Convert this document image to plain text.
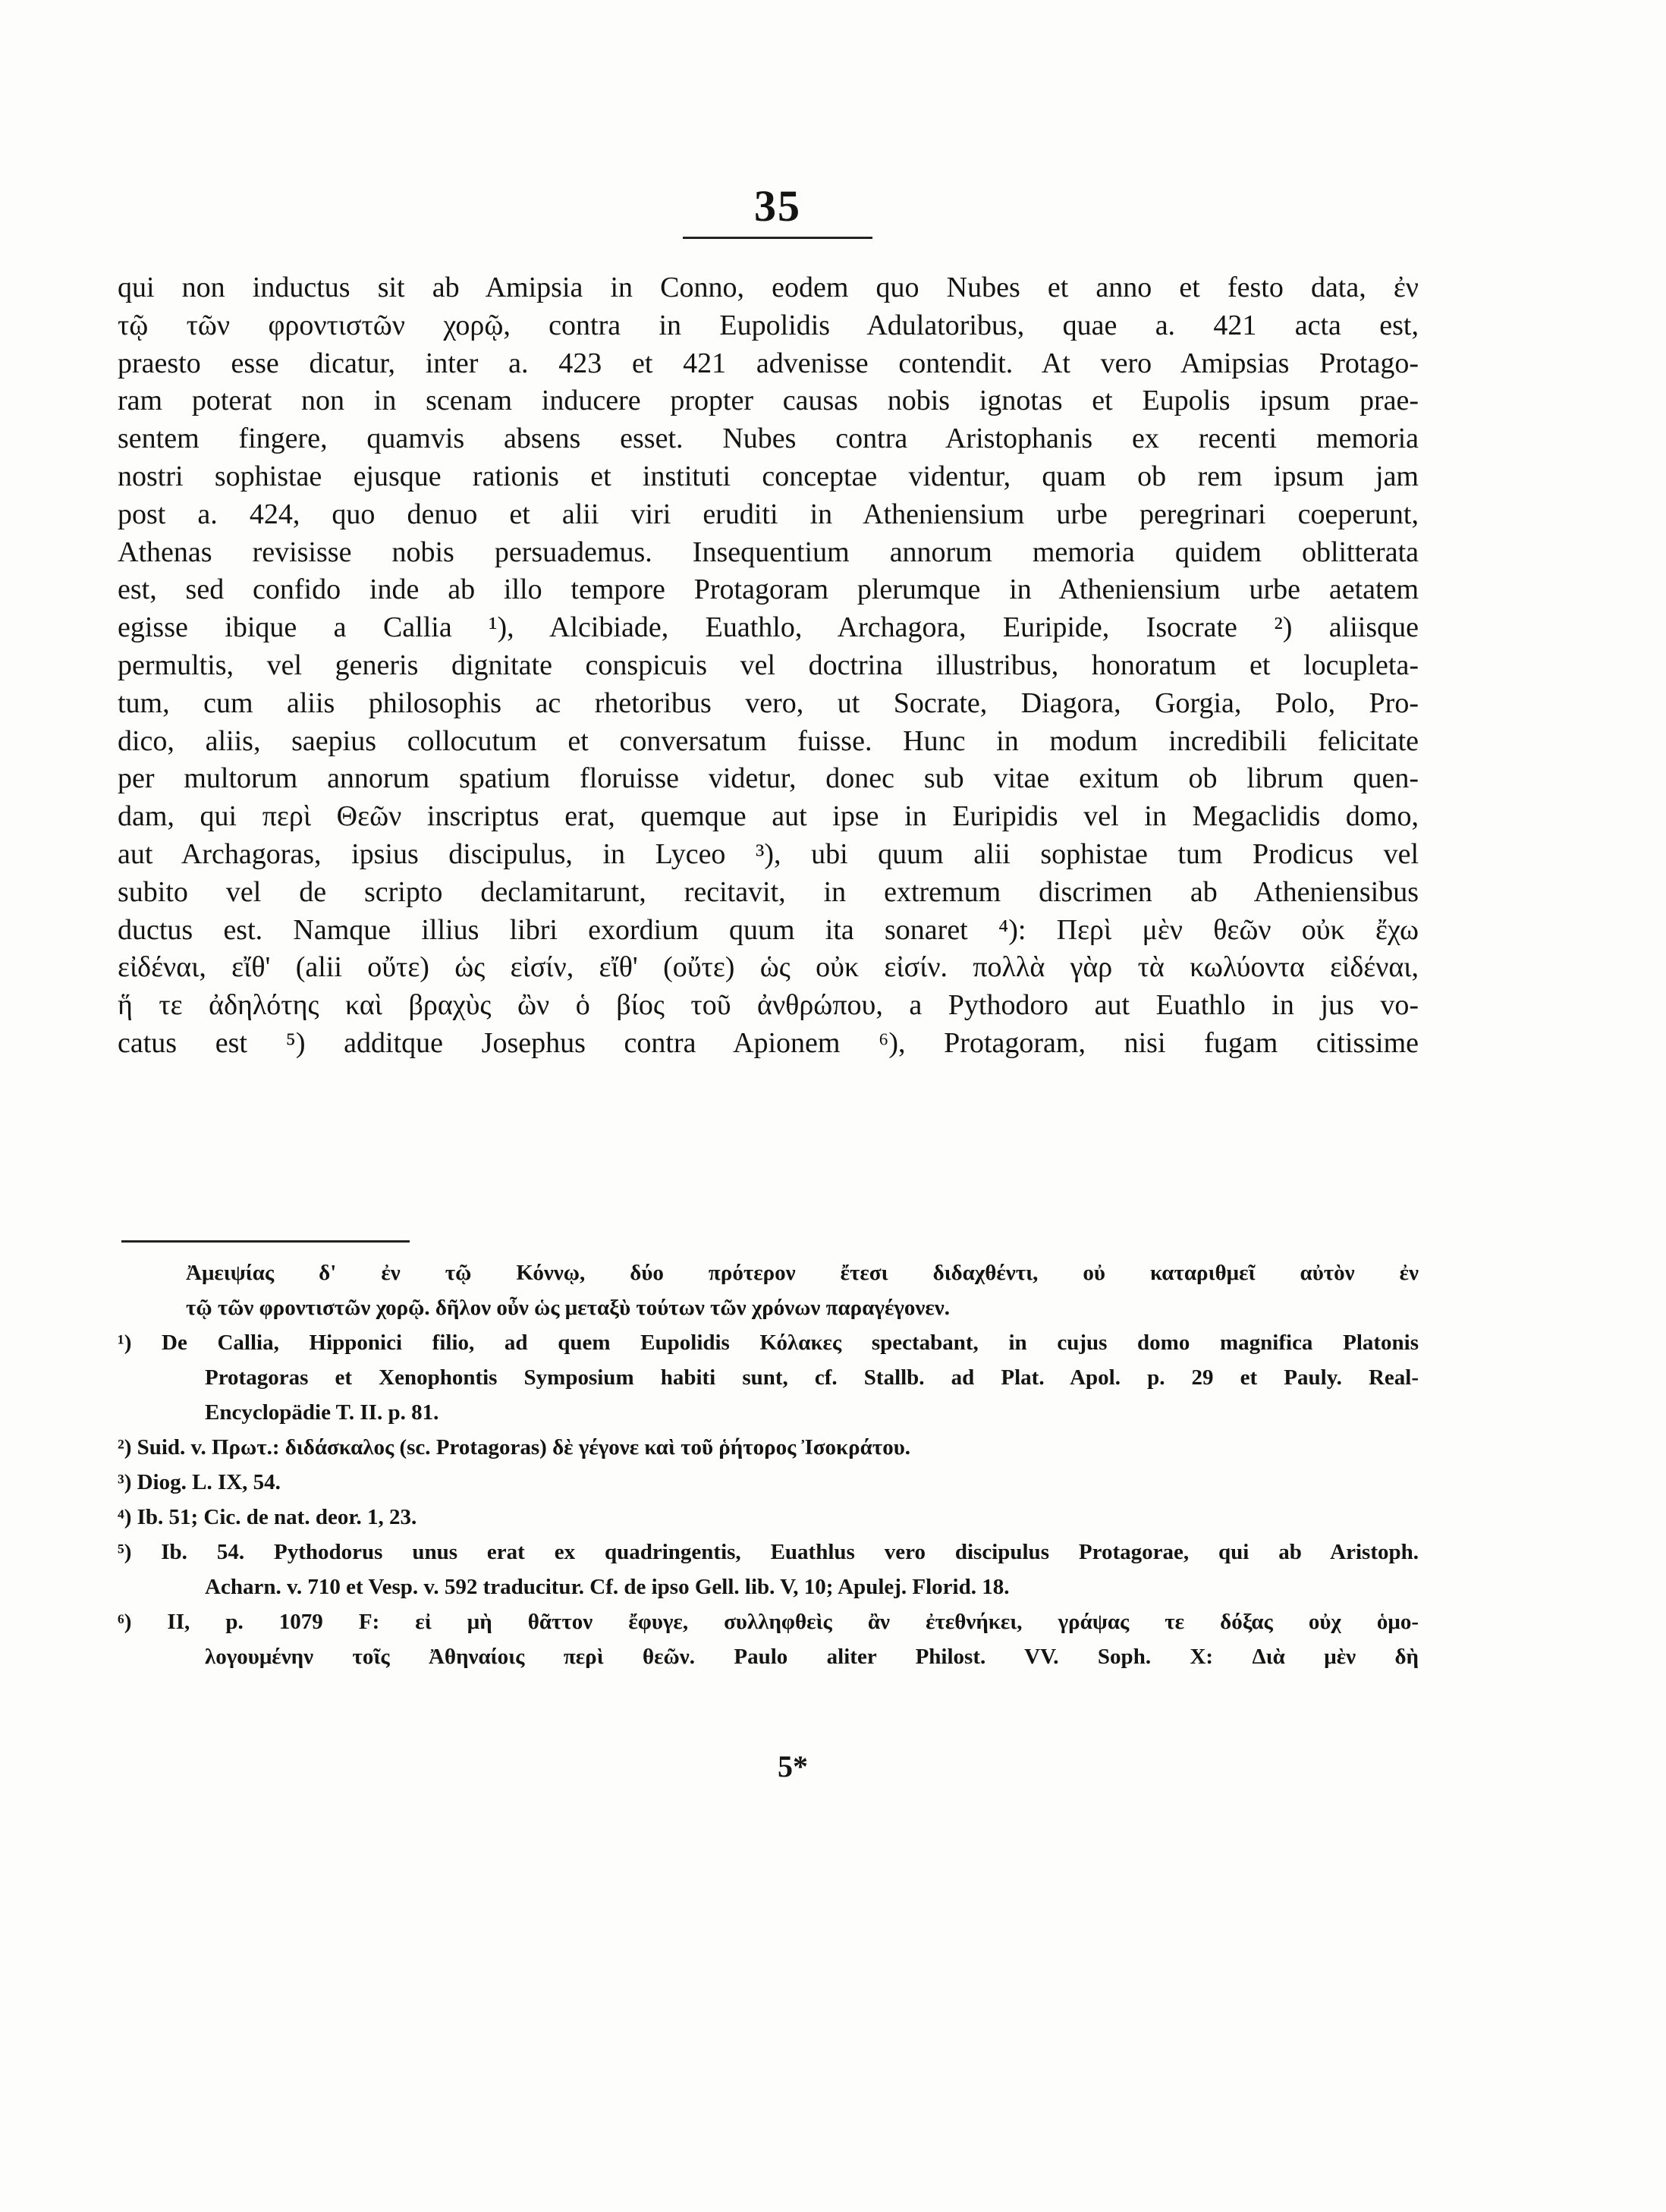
35
qui non inductus sit ab Amipsia in Conno, eodem quo Nubes et anno et festo data, ἐν
τῷ τῶν φροντιστῶν χορῷ, contra in Eupolidis Adulatoribus, quae a. 421 acta est,
praesto esse dicatur, inter a. 423 et 421 advenisse contendit. At vero Amipsias Protago-
ram poterat non in scenam inducere propter causas nobis ignotas et Eupolis ipsum prae-
sentem fingere, quamvis absens esset. Nubes contra Aristophanis ex recenti memoria
nostri sophistae ejusque rationis et instituti conceptae videntur, quam ob rem ipsum jam
post a. 424, quo denuo et alii viri eruditi in Atheniensium urbe peregrinari coeperunt,
Athenas revisisse nobis persuademus. Insequentium annorum memoria quidem oblitterata
est, sed confido inde ab illo tempore Protagoram plerumque in Atheniensium urbe aetatem
egisse ibique a Callia ¹), Alcibiade, Euathlo, Archagora, Euripide, Isocrate ²) aliisque
permultis, vel generis dignitate conspicuis vel doctrina illustribus, honoratum et locupleta-
tum, cum aliis philosophis ac rhetoribus vero, ut Socrate, Diagora, Gorgia, Polo, Pro-
dico, aliis, saepius collocutum et conversatum fuisse. Hunc in modum incredibili felicitate
per multorum annorum spatium floruisse videtur, donec sub vitae exitum ob librum quen-
dam, qui περὶ Θεῶν inscriptus erat, quemque aut ipse in Euripidis vel in Megaclidis domo,
aut Archagoras, ipsius discipulus, in Lyceo ³), ubi quum alii sophistae tum Prodicus vel
subito vel de scripto declamitarunt, recitavit, in extremum discrimen ab Atheniensibus
ductus est. Namque illius libri exordium quum ita sonaret ⁴): Περὶ μὲν θεῶν οὐκ ἔχω
εἰδέναι, εἴθ' (alii οὔτε) ὡς εἰσίν, εἴθ' (οὔτε) ὡς οὐκ εἰσίν. πολλὰ γὰρ τὰ κωλύοντα εἰδέναι,
ἥ τε ἀδηλότης καὶ βραχὺς ὢν ὁ βίος τοῦ ἀνθρώπου, a Pythodoro aut Euathlo in jus vo-
catus est ⁵) additque Josephus contra Apionem ⁶), Protagoram, nisi fugam citissime
Ἀμειψίας δ' ἐν τῷ Κόννῳ, δύο πρότερον ἔτεσι διδαχθέντι, οὐ καταριθμεῖ αὐτὸν ἐν
τῷ τῶν φροντιστῶν χορῷ. δῆλον οὖν ὡς μεταξὺ τούτων τῶν χρόνων παραγέγονεν.
¹) De Callia, Hipponici filio, ad quem Eupolidis Κόλακες spectabant, in cujus domo magnifica Platonis
Protagoras et Xenophontis Symposium habiti sunt, cf. Stallb. ad Plat. Apol. p. 29 et Pauly. Real-
Encyclopädie T. II. p. 81.
²) Suid. v. Πρωτ.: διδάσκαλος (sc. Protagoras) δὲ γέγονε καὶ τοῦ ῥήτορος Ἰσοκράτου.
³) Diog. L. IX, 54.
⁴) Ib. 51; Cic. de nat. deor. 1, 23.
⁵) Ib. 54. Pythodorus unus erat ex quadringentis, Euathlus vero discipulus Protagorae, qui ab Aristoph.
Acharn. v. 710 et Vesp. v. 592 traducitur. Cf. de ipso Gell. lib. V, 10; Apulej. Florid. 18.
⁶) II, p. 1079 F: εἰ μὴ θᾶττον ἔφυγε, συλληφθεὶς ἂν ἐτεθνήκει, γράψας τε δόξας οὐχ ὁμο-
λογουμένην τοῖς Ἀθηναίοις περὶ θεῶν. Paulo aliter Philost. VV. Soph. X: Διὰ μὲν δὴ
5*
